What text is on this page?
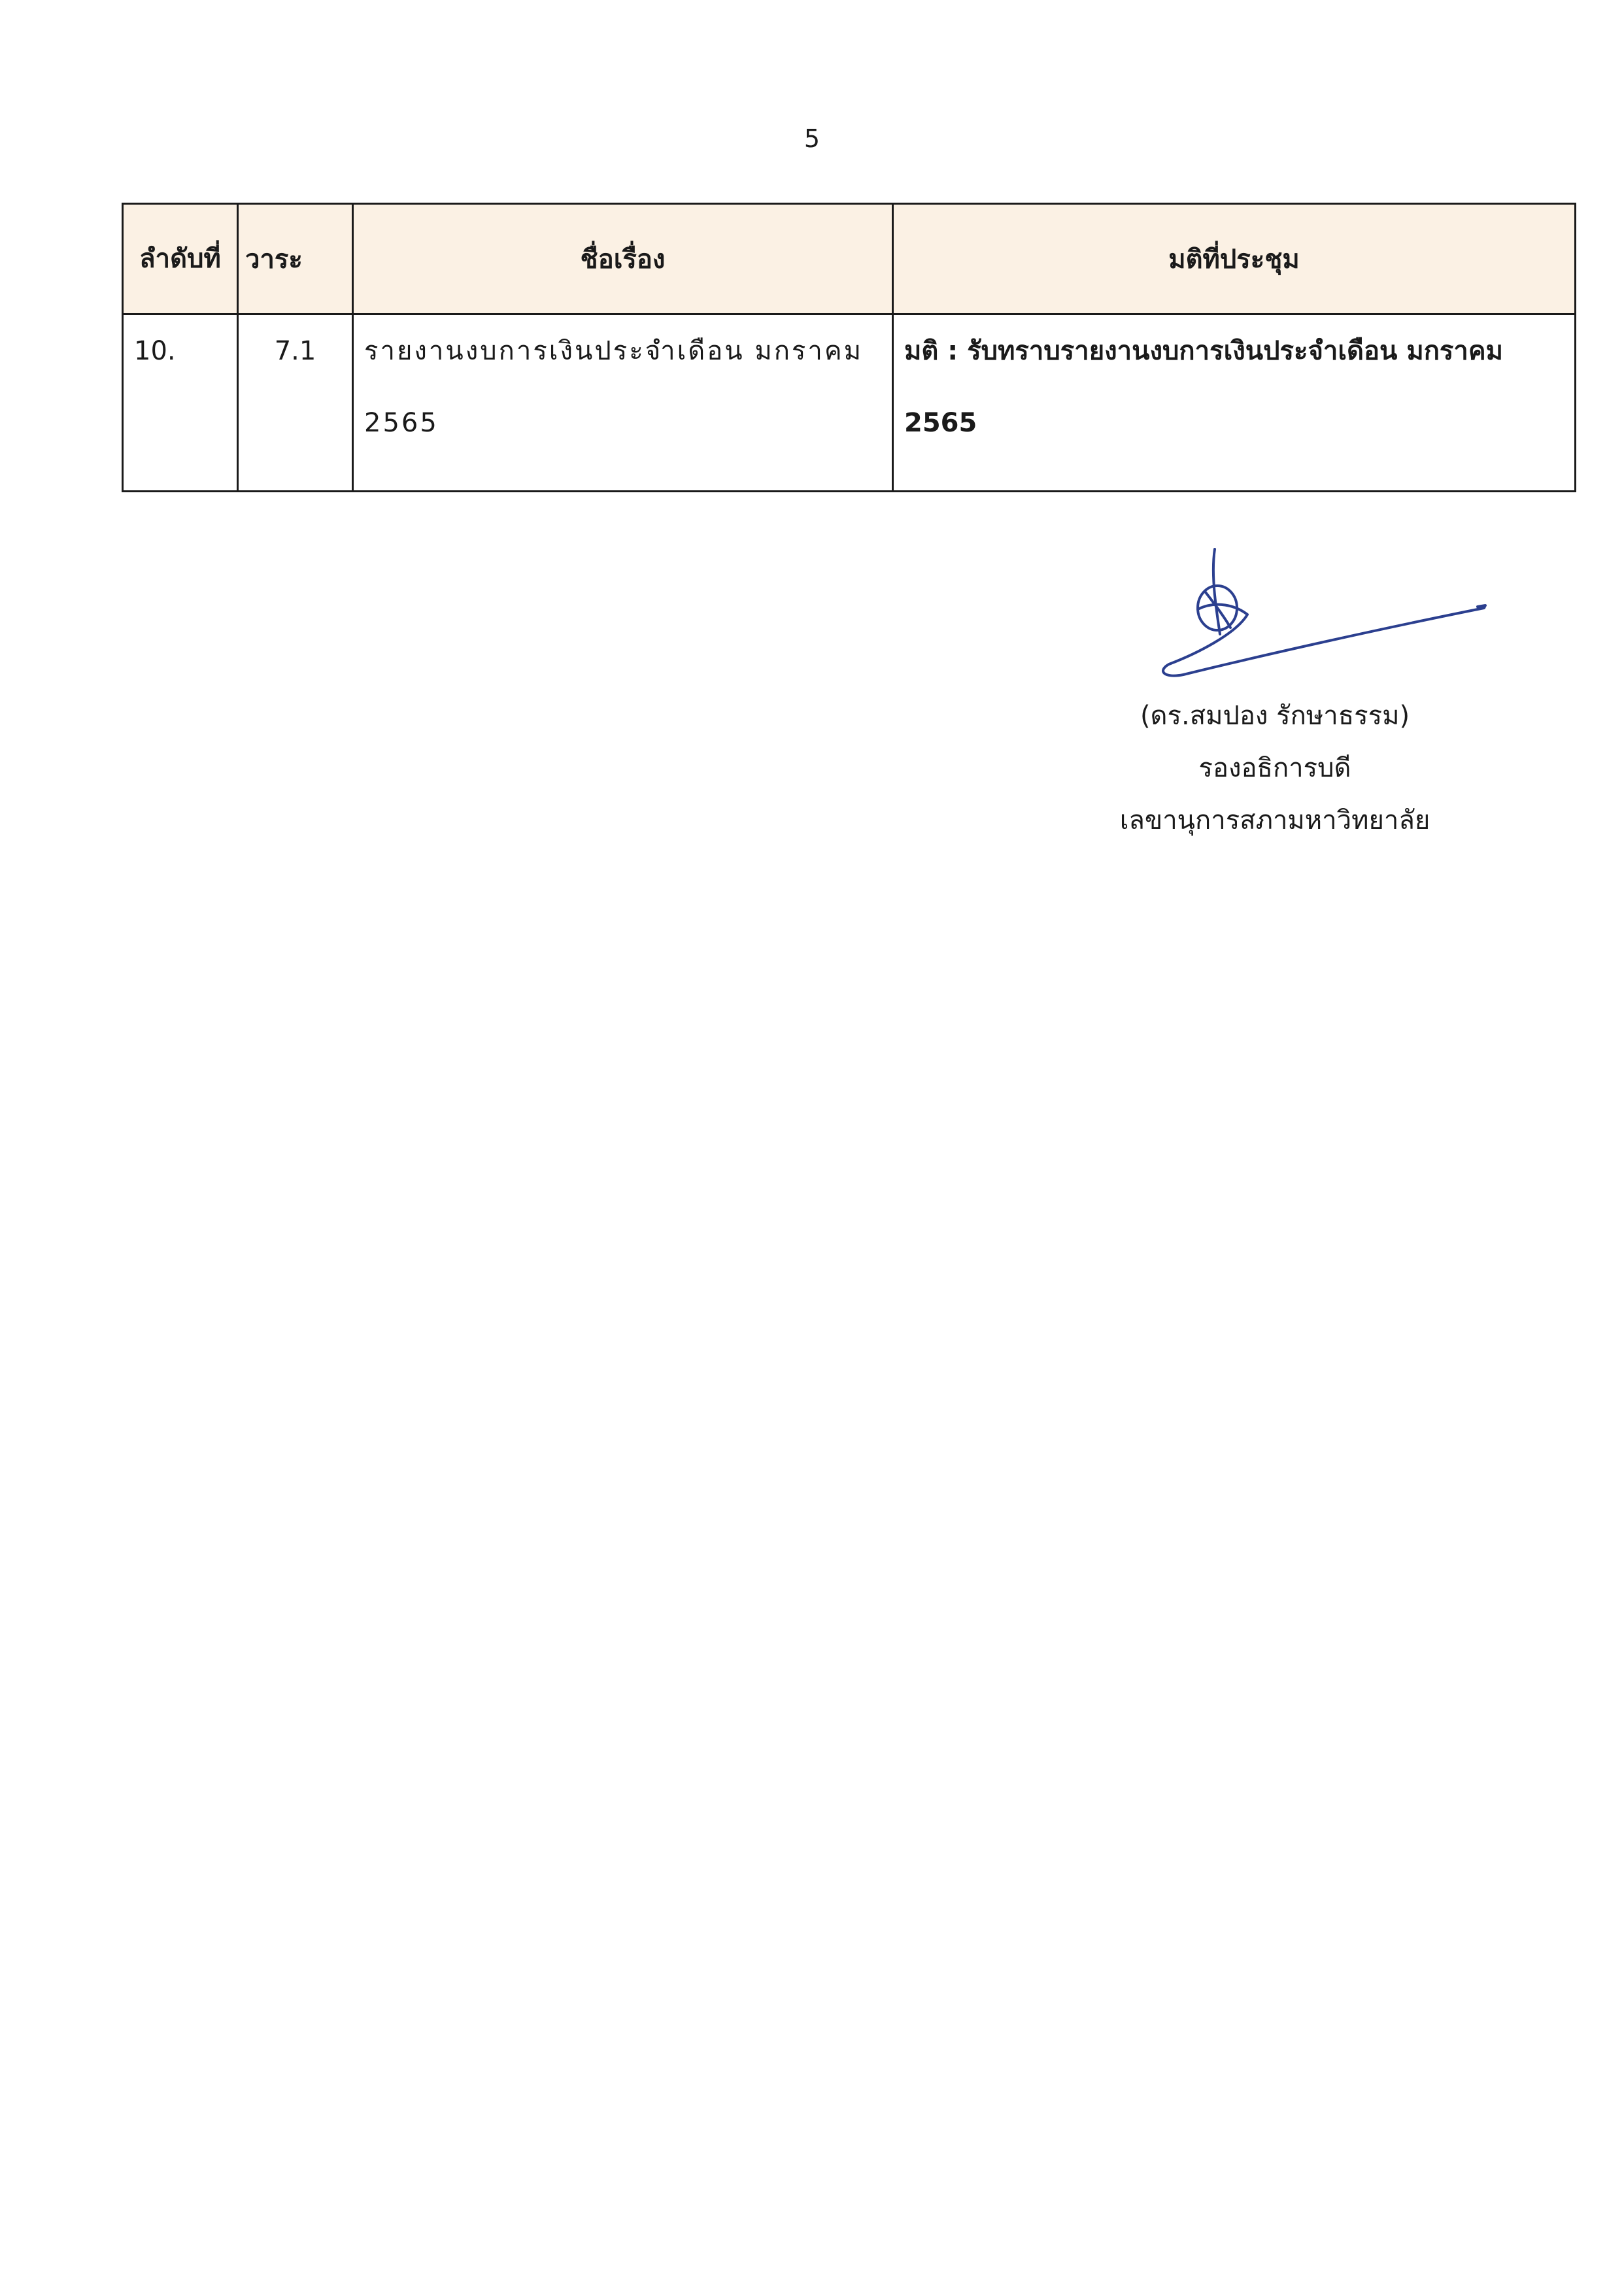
5
ลำดับที่	วาระ	ชื่อเรื่อง	มติที่ประชุม
10.	7.1	รายงานงบการเงินประจำเดือน มกราคม 2565	มติ : รับทราบรายงานงบการเงินประจำเดือน มกราคม 2565
(ดร.สมปอง รักษาธรรม)
รองอธิการบดี
เลขานุการสภามหาวิทยาลัย
